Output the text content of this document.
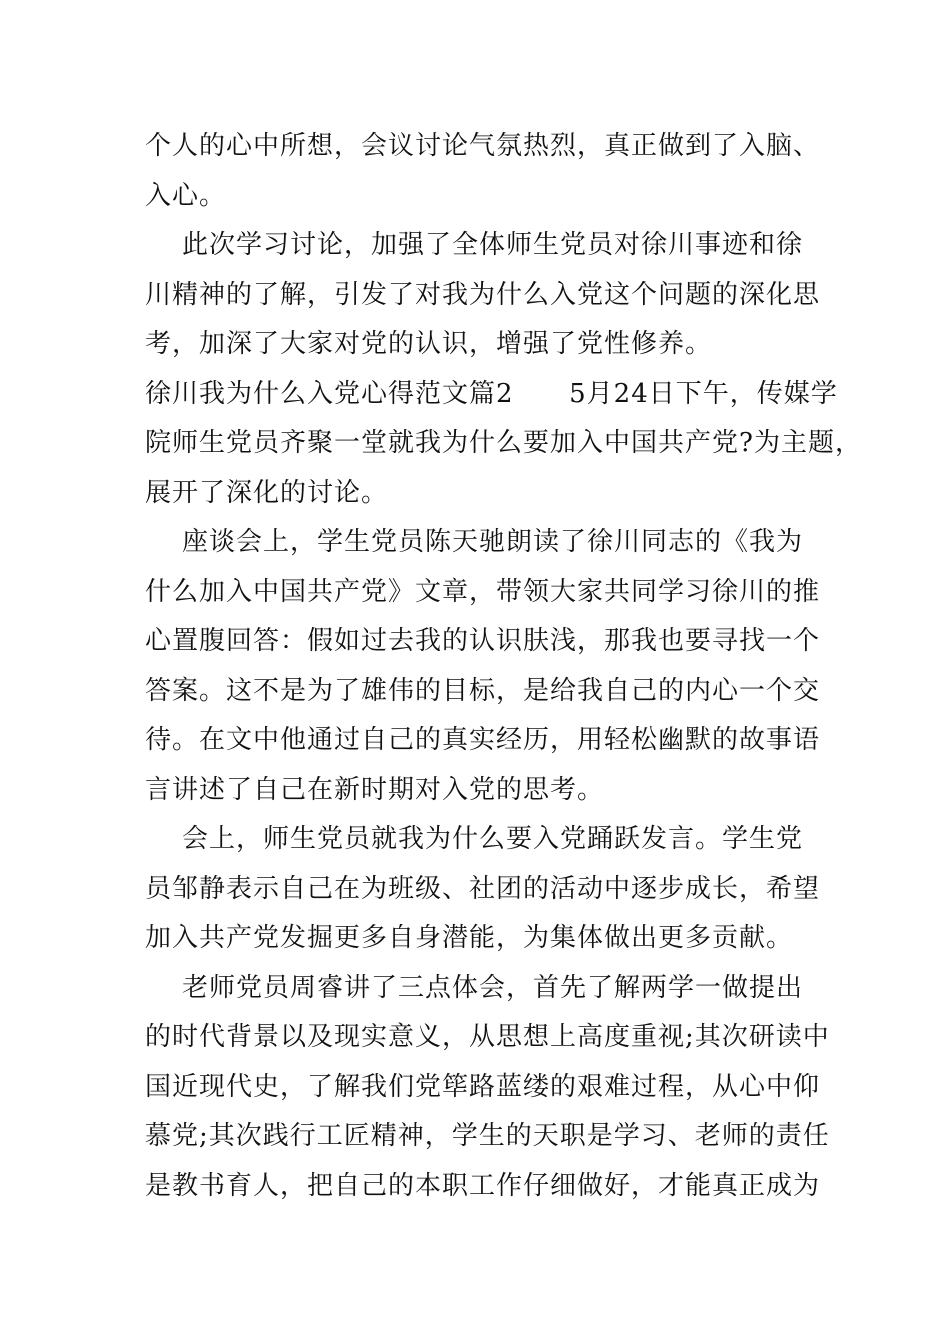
个人的心中所想，会议讨论气氛热烈，真正做到了入脑、
入心。
此次学习讨论，加强了全体师生党员对徐川事迹和徐
川精神的了解，引发了对我为什么入党这个问题的深化思
考，加深了大家对党的认识，增强了党性修养。
徐川我为什么入党心得范文篇2      5月24日下午，传媒学
院师生党员齐聚一堂就我为什么要加入中国共产党?为主题，
展开了深化的讨论。
座谈会上，学生党员陈天驰朗读了徐川同志的《我为
什么加入中国共产党》文章，带领大家共同学习徐川的推
心置腹回答：假如过去我的认识肤浅，那我也要寻找一个
答案。这不是为了雄伟的目标，是给我自己的内心一个交
待。在文中他通过自己的真实经历，用轻松幽默的故事语
言讲述了自己在新时期对入党的思考。
会上，师生党员就我为什么要入党踊跃发言。学生党
员邹静表示自己在为班级、社团的活动中逐步成长，希望
加入共产党发掘更多自身潜能，为集体做出更多贡献。
老师党员周睿讲了三点体会，首先了解两学一做提出
的时代背景以及现实意义，从思想上高度重视;其次研读中
国近现代史，了解我们党筚路蓝缕的艰难过程，从心中仰
慕党;其次践行工匠精神，学生的天职是学习、老师的责任
是教书育人，把自己的本职工作仔细做好，才能真正成为
